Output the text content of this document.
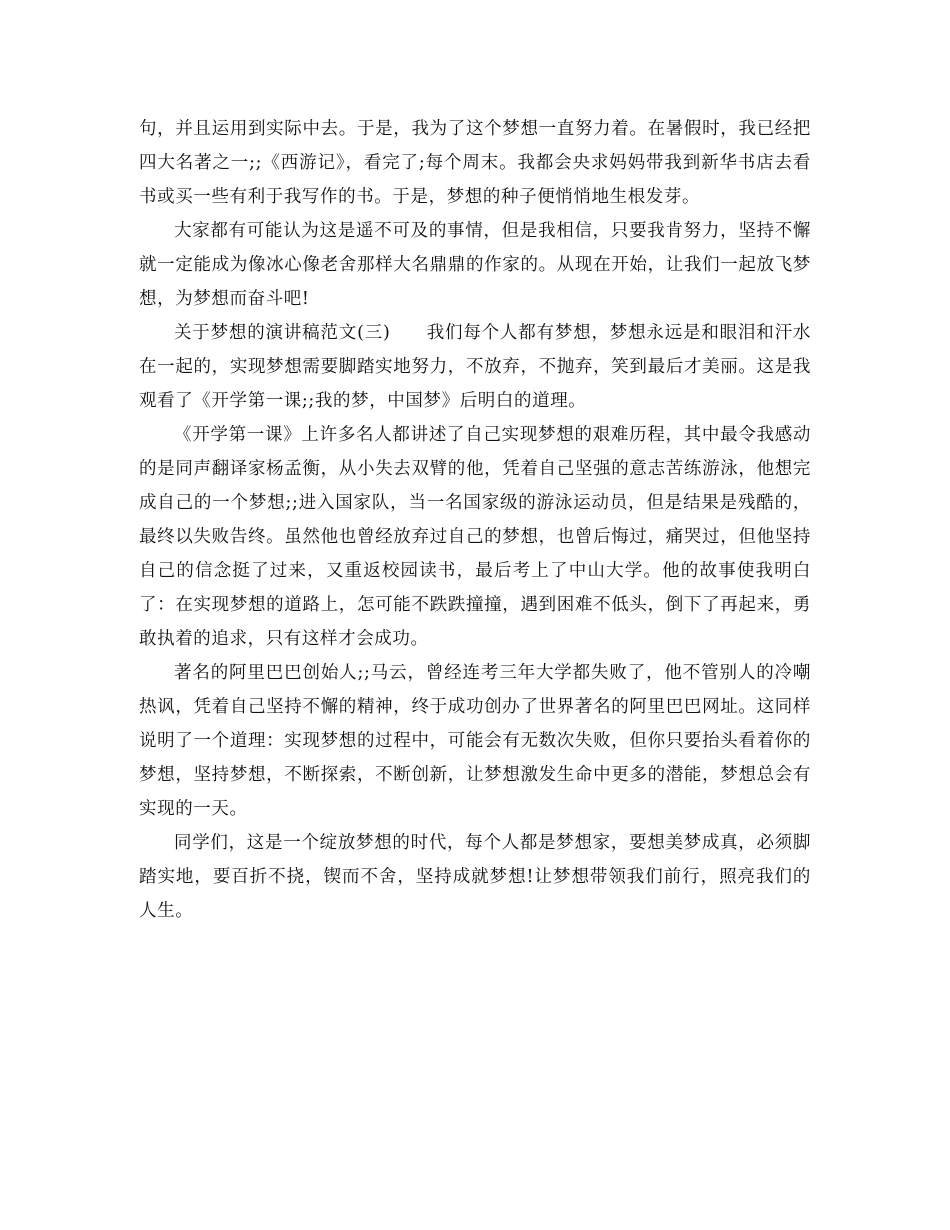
句，并且运用到实际中去。于是，我为了这个梦想一直努力着。在暑假时，我已经把四大名著之一;;《西游记》，看完了;每个周末。我都会央求妈妈带我到新华书店去看书或买一些有利于我写作的书。于是，梦想的种子便悄悄地生根发芽。

大家都有可能认为这是遥不可及的事情，但是我相信，只要我肯努力，坚持不懈就一定能成为像冰心像老舍那样大名鼎鼎的作家的。从现在开始，让我们一起放飞梦想，为梦想而奋斗吧!

关于梦想的演讲稿范文(三) 我们每个人都有梦想，梦想永远是和眼泪和汗水在一起的，实现梦想需要脚踏实地努力，不放弃，不抛弃，笑到最后才美丽。这是我观看了《开学第一课;;我的梦，中国梦》后明白的道理。

《开学第一课》上许多名人都讲述了自己实现梦想的艰难历程，其中最令我感动的是同声翻译家杨孟衡，从小失去双臂的他，凭着自己坚强的意志苦练游泳，他想完成自己的一个梦想;;进入国家队，当一名国家级的游泳运动员，但是结果是残酷的，最终以失败告终。虽然他也曾经放弃过自己的梦想，也曾后悔过，痛哭过，但他坚持自己的信念挺了过来，又重返校园读书，最后考上了中山大学。他的故事使我明白了：在实现梦想的道路上，怎可能不跌跌撞撞，遇到困难不低头，倒下了再起来，勇敢执着的追求，只有这样才会成功。

著名的阿里巴巴创始人;;马云，曾经连考三年大学都失败了，他不管别人的冷嘲热讽，凭着自己坚持不懈的精神，终于成功创办了世界著名的阿里巴巴网址。这同样说明了一个道理：实现梦想的过程中，可能会有无数次失败，但你只要抬头看着你的梦想，坚持梦想，不断探索，不断创新，让梦想激发生命中更多的潜能，梦想总会有实现的一天。

同学们，这是一个绽放梦想的时代，每个人都是梦想家，要想美梦成真，必须脚踏实地，要百折不挠，锲而不舍，坚持成就梦想!让梦想带领我们前行，照亮我们的人生。
